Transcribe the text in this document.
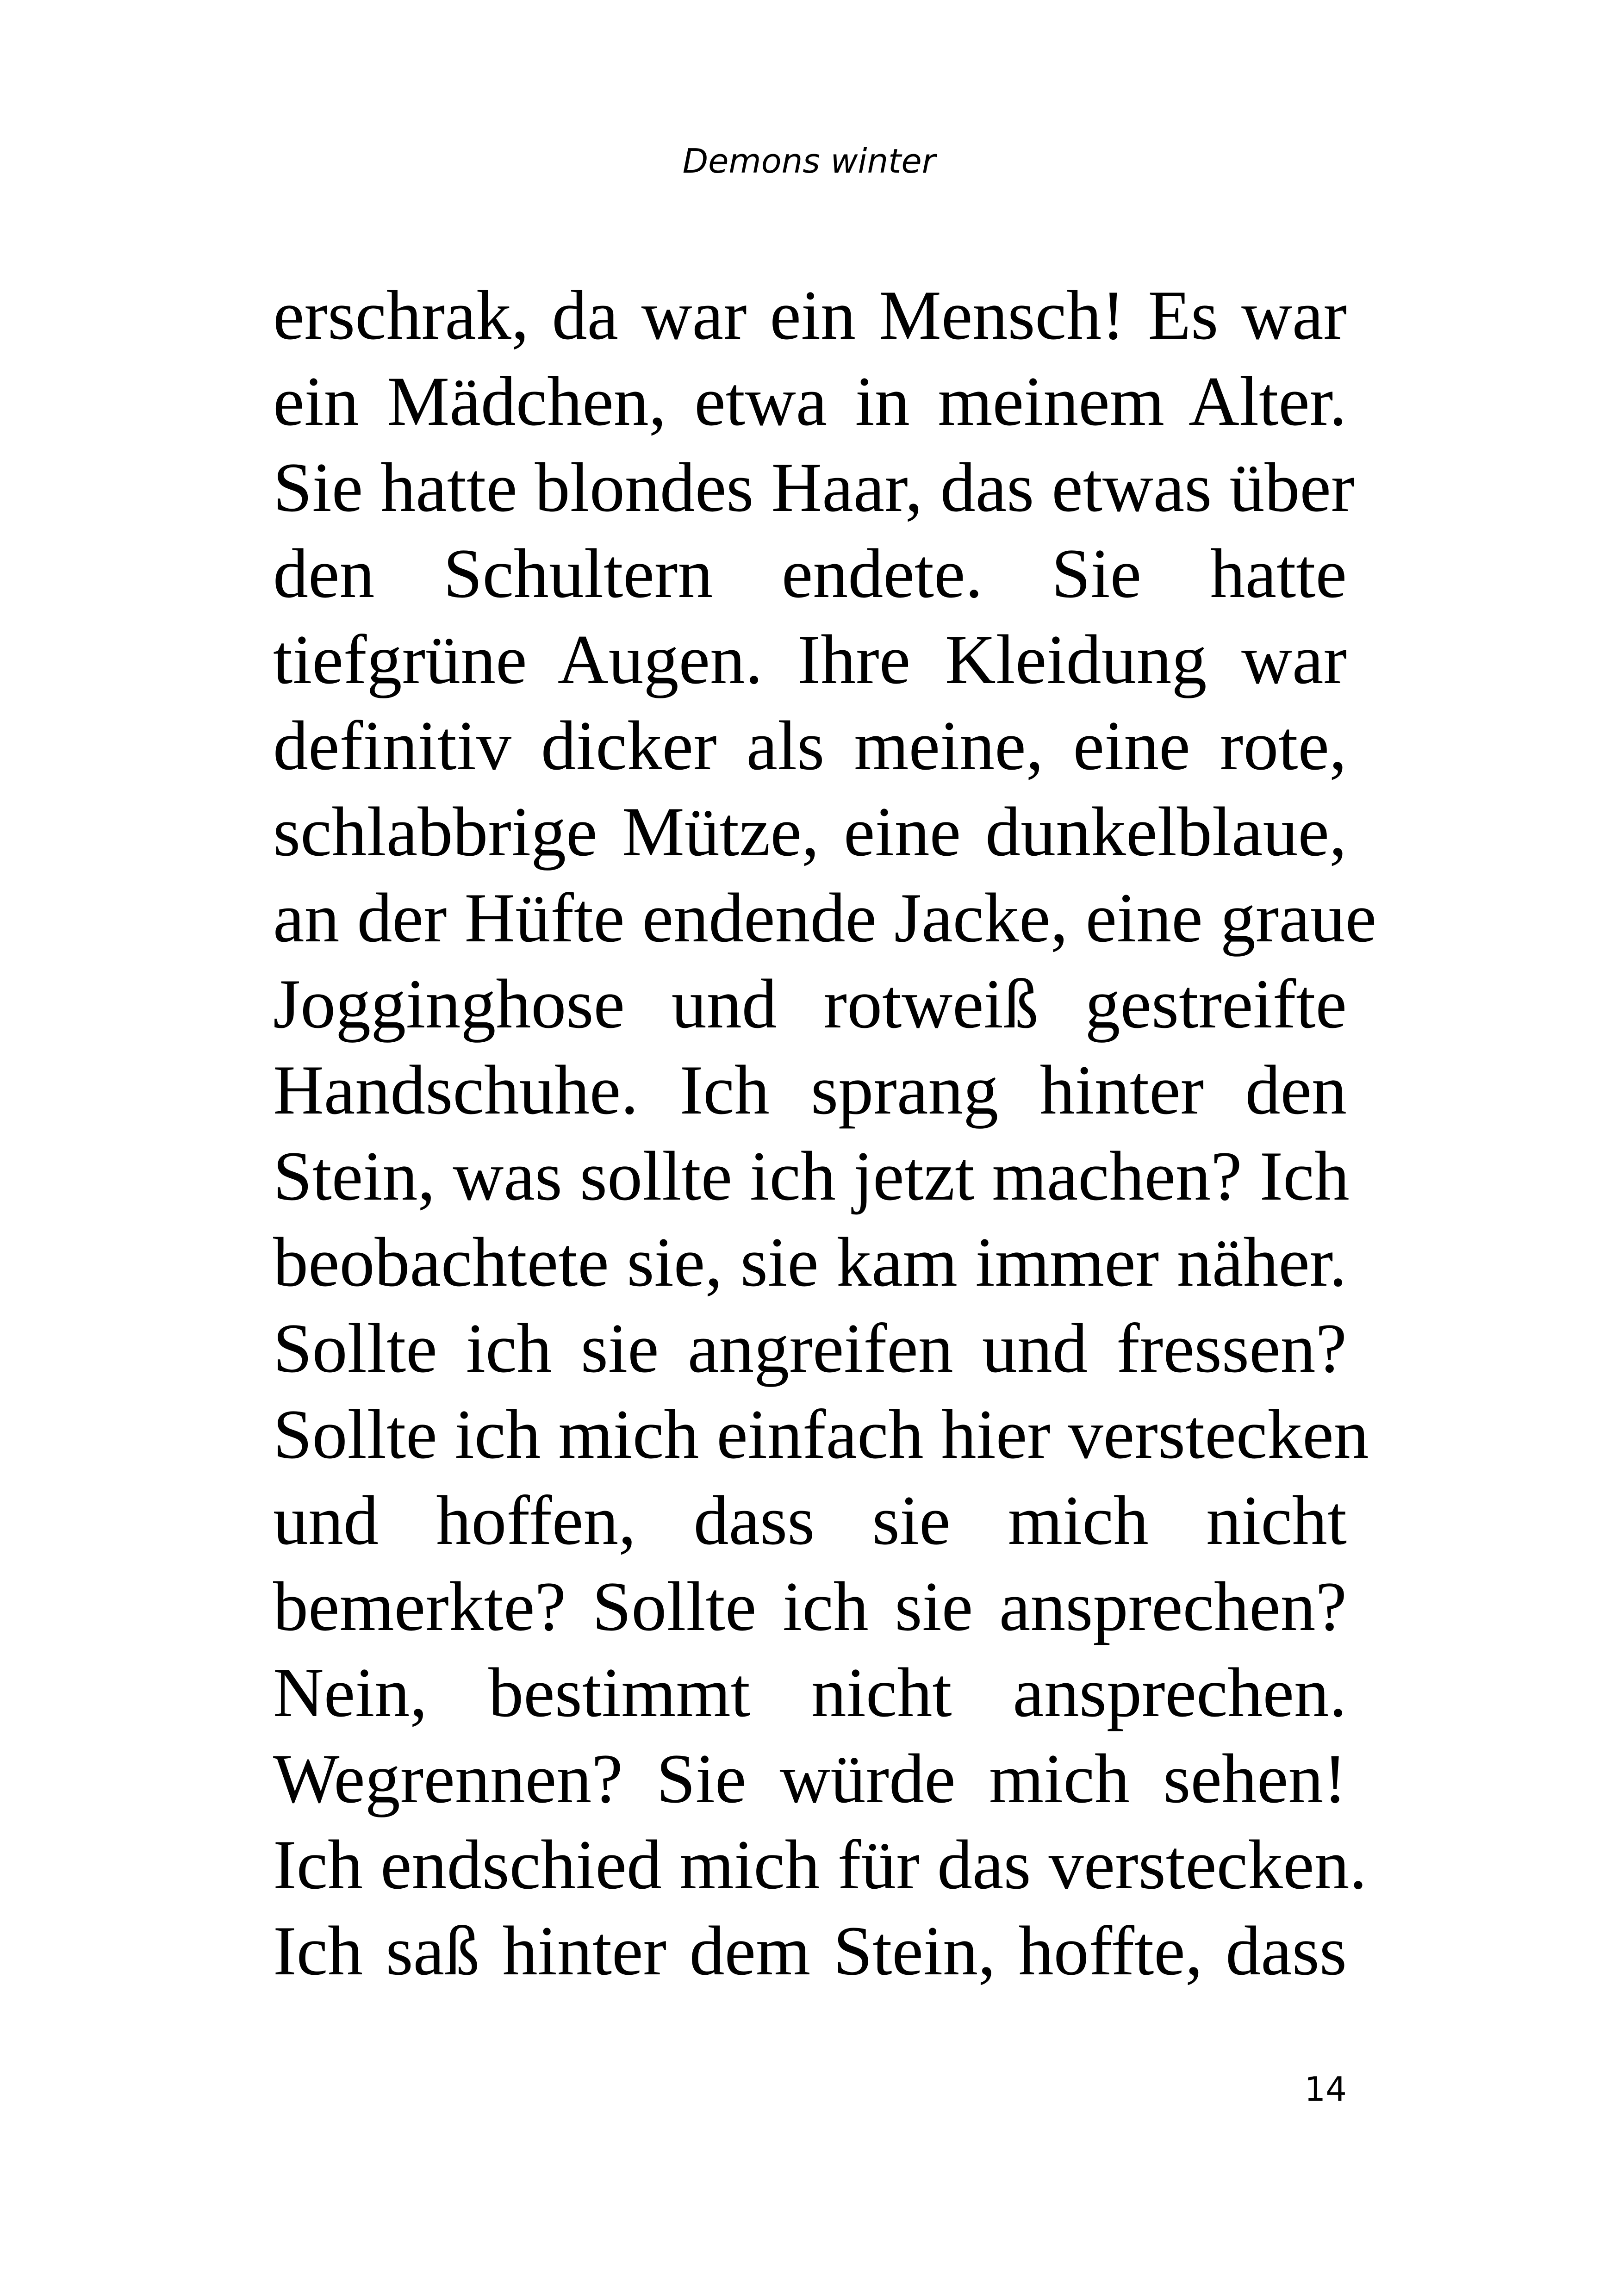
Demons winter
erschrak, da war ein Mensch! Es war
ein Mädchen, etwa in meinem Alter.
Sie hatte blondes Haar, das etwas über
den Schultern endete. Sie hatte
tiefgrüne Augen. Ihre Kleidung war
definitiv dicker als meine, eine rote,
schlabbrige Mütze, eine dunkelblaue,
an der Hüfte endende Jacke, eine graue
Jogginghose und rotweiß gestreifte
Handschuhe. Ich sprang hinter den
Stein, was sollte ich jetzt machen? Ich
beobachtete sie, sie kam immer näher.
Sollte ich sie angreifen und fressen?
Sollte ich mich einfach hier verstecken
und hoffen, dass sie mich nicht
bemerkte? Sollte ich sie ansprechen?
Nein, bestimmt nicht ansprechen.
Wegrennen? Sie würde mich sehen!
Ich endschied mich für das verstecken.
Ich saß hinter dem Stein, hoffte, dass
14
